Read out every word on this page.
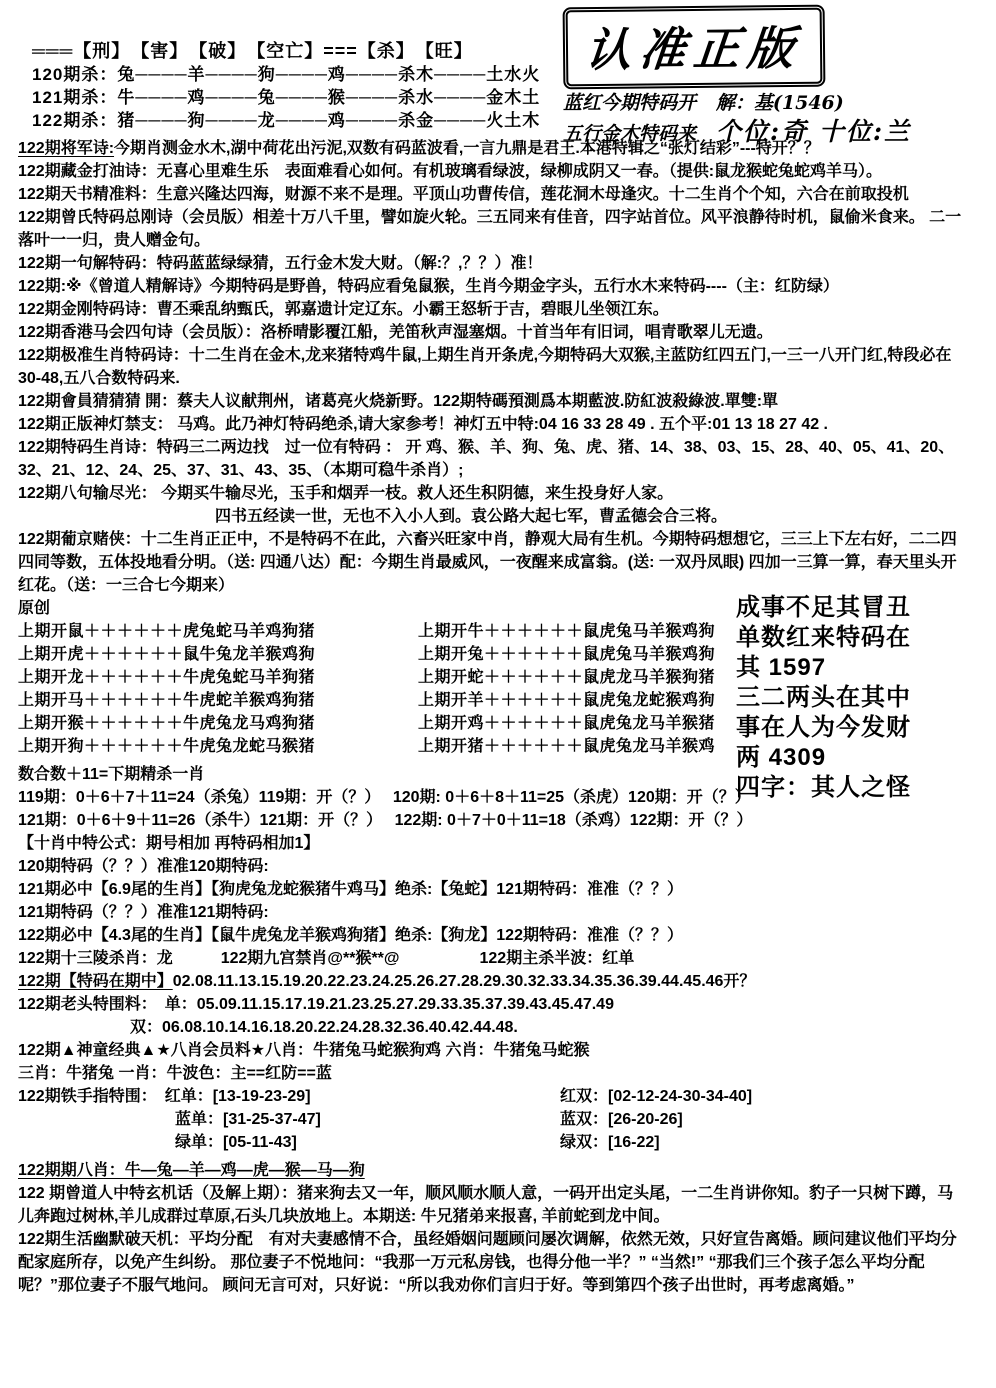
认准正版
蓝红今期特码开 解：基(1546)
五行金木特码来 个位:奇 十位:兰
═══【刑】　【害】　【破】　【空亡】===【杀】　【旺】
120期杀：兔────羊────狗────鸡────杀木────土水火
121期杀：牛────鸡────兔────猴────杀水────金木土
122期杀：猪────狗────龙────鸡────杀金────火土木
122期将军诗:今期肖测金水木,湖中荷花出污泥,双数有码蓝波看,一言九鼎是君王.本港特辑之“张灯结彩”---特开？？
122期藏金打油诗：无喜心里难生乐　表面难看心如何。有机玻璃看绿波，绿柳成阴又一春。（提供:鼠龙猴蛇兔蛇鸡羊马）。
122期天书精准料：生意兴隆达四海，财源不来不是理。平顶山功曹传信，莲花洞木母逢灾。十二生肖个个知，六合在前取投机
122期曾氏特码总刚诗（会员版）相差十万八千里，譬如旋火轮。三五同来有佳音，四字站首位。风平浪静待时机，鼠偷米食来。 二一落叶一一归，贵人赠金句。
122期一句解特码：特码蓝蓝绿绿猜，五行金木发大财。（解:？,？？）准！
122期:※《曾道人精解诗》今期特码是野兽，特码应看兔鼠猴，生肖今期金字头，五行水木来特码----（主：红防绿）
122期金刚特码诗：曹丕乘乱纳甄氏，郭嘉遗计定辽东。小霸王怒斩于吉，碧眼儿坐领江东。
122期香港马会四句诗（会员版）：洛桥晴影覆江船，羌笛秋声湿塞烟。十首当年有旧词，唱青歌翠儿无遗。
122期极准生肖特码诗：十二生肖在金木,龙来猪特鸡牛鼠,上期生肖开条虎,今期特码大双猴,主蓝防红四五门,一三一八开门红,特段必在30-48,五八合数特码来.
122期會員猜猜猜 開：蔡夫人议献荆州，诸葛亮火烧新野。122期特碼預測爲本期藍波.防紅波殺綠波.單雙:單
122期正版神灯禁支： 马鸡。此乃神灯特码绝杀,请大家参考！神灯五中特:04 16 33 28 49 . 五个平:01 13 18 27 42 .
122期特码生肖诗：特码三二两边找　过一位有特码 ： 开 鸡、猴、羊、狗、兔、虎、猪、14、38、03、15、28、40、05、41、20、32、21、12、24、25、37、31、43、35、（本期可稳牛杀肖）;
122期八句输尽光： 今期买牛输尽光，玉手和烟弄一枝。救人还生积阴德，来生投身好人家。
四书五经读一世，无也不入小人到。袁公路大起七军，曹孟德会合三将。
122期葡京赌侠：十二生肖正正中，不是特码不在此，六畜兴旺家中肖，静观大局有生机。今期特码想想它，三三上下左右好，二二四四同等数，五体投地看分明。（送: 四通八达）配：今期生肖最威风，一夜醒来成富翁。(送: 一双丹凤眼) 四加一三算一算，春天里头开红花。（送：一三合七今期来）
原创
上期开鼠＋＋＋＋＋＋虎兔蛇马羊鸡狗猪
上期开虎＋＋＋＋＋＋鼠牛兔龙羊猴鸡狗
上期开龙＋＋＋＋＋＋牛虎兔蛇马羊狗猪
上期开马＋＋＋＋＋＋牛虎蛇羊猴鸡狗猪
上期开猴＋＋＋＋＋＋牛虎兔龙马鸡狗猪
上期开狗＋＋＋＋＋＋牛虎兔龙蛇马猴猪
上期开牛＋＋＋＋＋＋鼠虎兔马羊猴鸡狗
上期开兔＋＋＋＋＋＋鼠虎兔马羊猴鸡狗
上期开蛇＋＋＋＋＋＋鼠虎龙马羊猴狗猪
上期开羊＋＋＋＋＋＋鼠虎兔龙蛇猴鸡狗
上期开鸡＋＋＋＋＋＋鼠虎兔龙马羊猴猪
上期开猪＋＋＋＋＋＋鼠虎兔龙马羊猴鸡
成事不足其冒丑
单数红来特码在
其 1597
三二两头在其中
事在人为今发财
两 4309
四字：其人之怪
数合数＋11=下期精杀一肖
119期：0＋6＋7＋11=24（杀兔）119期：开（？）　 120期: 0＋6＋8＋11=25（杀虎）120期：开（？）
121期：0＋6＋9＋11=26（杀牛）121期：开（？）　 122期: 0＋7＋0＋11=18（杀鸡）122期：开（？）
【十肖中特公式：期号相加 再特码相加1】
120期特码（？？）准准120期特码:
121期必中【6.9尾的生肖】【狗虎兔龙蛇猴猪牛鸡马】绝杀:【兔蛇】121期特码：准准（？？）
121期特码（？？）准准121期特码:
122期必中【4.3尾的生肖】【鼠牛虎兔龙羊猴鸡狗猪】绝杀:【狗龙】122期特码：准准（？？）
122期十三陵杀肖：龙　　　122期九宫禁肖@**猴**@　　　　　122期主杀半波：红单
122期【特码在期中】02.08.11.13.15.19.20.22.23.24.25.26.27.28.29.30.32.33.34.35.36.39.44.45.46开？
122期老头特围料：　单：05.09.11.15.17.19.21.23.25.27.29.33.35.37.39.43.45.47.49
双：06.08.10.14.16.18.20.22.24.28.32.36.40.42.44.48.
122期▲神童经典▲★八肖会员料★八肖：牛猪兔马蛇猴狗鸡 六肖：牛猪兔马蛇猴
三肖：牛猪兔 一肖：牛波色：主==红防==蓝
122期铁手指特围：　红单：[13-19-23-29]	红双：[02-12-24-30-34-40]
蓝单：[31-25-37-47]	蓝双：[26-20-26]
绿单：[05-11-43]	绿双：[16-22]
122期期八肖：牛—兔—羊—鸡—虎—猴—马—狗
122 期曾道人中特玄机话（及解上期）：猪来狗去又一年，顺风顺水顺人意，一码开出定头尾，一二生肖讲你知。豹子一只树下蹲，马儿奔跑过树林,羊儿成群过草原,石头几块放地上。本期送: 牛兄猪弟来报喜, 羊前蛇到龙中间。
122期生活幽默破天机：平均分配　有对夫妻感情不合，虽经婚姻问题顾问屡次调解，依然无效，只好宣告离婚。顾问建议他们平均分配家庭所存，以免产生纠纷。 那位妻子不悦地问：“我那一万元私房钱，也得分他一半？” “当然!” “那我们三个孩子怎么平均分配呢？”那位妻子不服气地问。 顾问无言可对，只好说：“所以我劝你们言归于好。等到第四个孩子出世时，再考虑离婚。”
